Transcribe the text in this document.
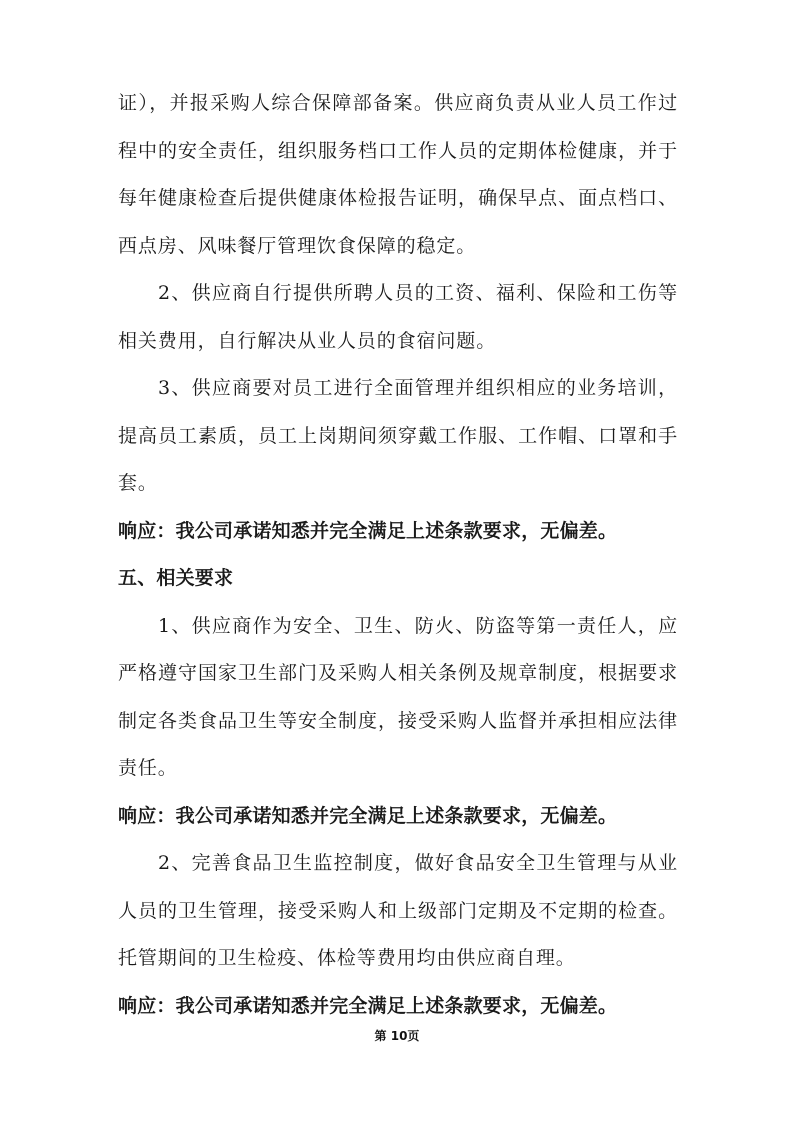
证），并报采购人综合保障部备案。供应商负责从业人员工作过程中的安全责任，组织服务档口工作人员的定期体检健康，并于每年健康检查后提供健康体检报告证明，确保早点、面点档口、西点房、风味餐厅管理饮食保障的稳定。

2、供应商自行提供所聘人员的工资、福利、保险和工伤等相关费用，自行解决从业人员的食宿问题。

3、供应商要对员工进行全面管理并组织相应的业务培训，提高员工素质，员工上岗期间须穿戴工作服、工作帽、口罩和手套。

响应：我公司承诺知悉并完全满足上述条款要求，无偏差。

五、相关要求

1、供应商作为安全、卫生、防火、防盗等第一责任人，应严格遵守国家卫生部门及采购人相关条例及规章制度，根据要求制定各类食品卫生等安全制度，接受采购人监督并承担相应法律责任。

响应：我公司承诺知悉并完全满足上述条款要求，无偏差。

2、完善食品卫生监控制度，做好食品安全卫生管理与从业人员的卫生管理，接受采购人和上级部门定期及不定期的检查。托管期间的卫生检疫、体检等费用均由供应商自理。

响应：我公司承诺知悉并完全满足上述条款要求，无偏差。

第 10页
